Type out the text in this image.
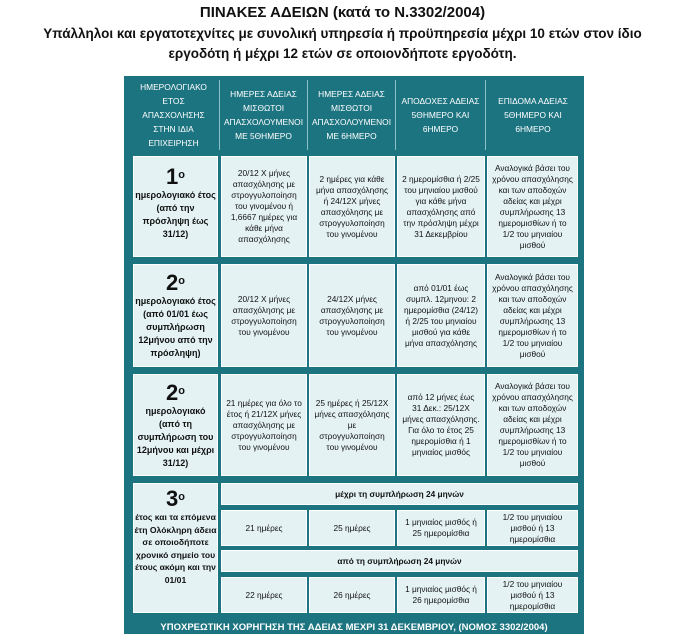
ΠΙΝΑΚΕΣ ΑΔΕΙΩΝ (κατά το Ν.3302/2004)
Υπάλληλοι και εργατοτεχνίτες με συνολική υπηρεσία ή προϋπηρεσία μέχρι 10 ετών στον ίδιο εργοδότη ή μέχρι 12 ετών σε οποιονδήποτε εργοδότη.
ΗΜΕΡΟΛΟΓΙΑΚΟ ΕΤΟΣ ΑΠΑΣΧΟΛΗΣΗΣ ΣΤΗΝ ΙΔΙΑ ΕΠΙΧΕΙΡΗΣΗ
ΗΜΕΡΕΣ ΑΔΕΙΑΣ ΜΙΣΘΩΤΟΙ ΑΠΑΣΧΟΛΟΥΜΕΝΟΙ ΜΕ 5ΘΗΜΕΡΟ
ΗΜΕΡΕΣ ΑΔΕΙΑΣ ΜΙΣΘΩΤΟΙ ΑΠΑΣΧΟΛΟΥΜΕΝΟΙ ΜΕ 6ΗΜΕΡΟ
ΑΠΟΔΟΧΕΣ ΑΔΕΙΑΣ 5ΘΗΜΕΡΟ ΚΑΙ 6ΗΜΕΡΟ
ΕΠΙΔΟΜΑ ΑΔΕΙΑΣ 5ΘΗΜΕΡΟ ΚΑΙ 6ΗΜΕΡΟ
$1^o$
ημερολογιακό έτος (από την πρόσληψη έως 31/12)
20/12 Χ μήνες απασχόλησης με στρογγυλοποίηση του γινομένου ή 1,6667 ημέρες για κάθε μήνα απασχόλησης
2 ημέρες για κάθε μήνα απασχόλησης ή 24/12Χ μήνες απασχόλησης με στρογγυλοποίηση του γινομένου
2 ημερομίσθια ή 2/25 του μηνιαίου μισθού για κάθε μήνα απασχόλησης από την πρόσληψη μέχρι 31 Δεκεμβρίου
Αναλογικά βάσει του χρόνου απασχόλησης και των αποδοχών αδείας και μέχρι συμπλήρωσης 13 ημερομισθίων ή το 1/2 του μηνιαίου μισθού
$2^o$
ημερολογιακό έτος (από 01/01 έως συμπλήρωση 12μήνου από την πρόσληψη)
20/12 Χ μήνες απασχόλησης με στρογγυλοποίηση του γινομένου
24/12Χ μήνες απασχόλησης με στρογγυλοποίηση του γινομένου
από 01/01 έως συμπλ. 12μηνου: 2 ημερομίσθια (24/12) ή 2/25 του μηνιαίου μισθού για κάθε μήνα απασχόλησης
Αναλογικά βάσει του χρόνου απασχόλησης και των αποδοχών αδείας και μέχρι συμπλήρωσης 13 ημερομισθίων ή το 1/2 του μηνιαίου μισθού
$2^o$
ημερολογιακό (από τη συμπλήρωση του 12μήνου και μέχρι 31/12)
21 ημέρες για όλο το έτος ή 21/12Χ μήνες απασχόλησης με στρογγυλοποίηση του γινομένου
25 ημέρες ή 25/12Χ μήνες απασχόλησης με στρογγυλοποίηση του γινομένου
από 12 μήνες έως 31 Δεκ.: 25/12Χ μήνες απασχόλησης. Για όλο το έτος 25 ημερομίσθια ή 1 μηνιαίος μισθός
Αναλογικά βάσει του χρόνου απασχόλησης και των αποδοχών αδείας και μέχρι συμπλήρωσης 13 ημερομισθίων ή το 1/2 του μηνιαίου μισθού
$3^o$
έτος και τα επόμενα έτη Ολόκληρη άδεια σε οποιοδήποτε χρονικό σημείο του έτους ακόμη και την 01/01
μέχρι τη συμπλήρωση 24 μηνών
21 ημέρες	25 ημέρες
1 μηνιαίος μισθός ή 25 ημερομίσθια
1/2 του μηνιαίου μισθού ή 13 ημερομίσθια
από τη συμπλήρωση 24 μηνών
22 ημέρες	26 ημέρες
1 μηνιαίος μισθός ή 26 ημερομίσθια
1/2 του μηνιαίου μισθού ή 13 ημερομίσθια
ΥΠΟΧΡΕΩΤΙΚΗ ΧΟΡΗΓΗΣΗ ΤΗΣ ΑΔΕΙΑΣ ΜΕΧΡΙ 31 ΔΕΚΕΜΒΡΙΟΥ, (ΝΟΜΟΣ 3302/2004)
